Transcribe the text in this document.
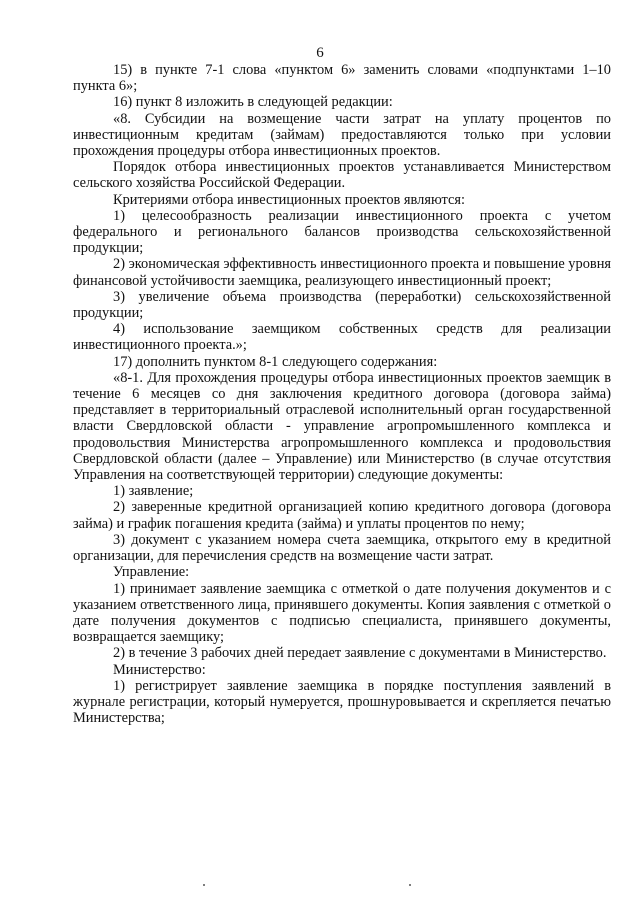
6

15) в пункте 7-1 слова «пунктом 6» заменить словами «подпунктами 1–10 пункта 6»;

16) пункт 8 изложить в следующей редакции:

«8. Субсидии на возмещение части затрат на уплату процентов по инвестиционным кредитам (займам) предоставляются только при условии прохождения процедуры отбора инвестиционных проектов.

Порядок отбора инвестиционных проектов устанавливается Министерством сельского хозяйства Российской Федерации.

Критериями отбора инвестиционных проектов являются:

1) целесообразность реализации инвестиционного проекта с учетом федерального и регионального балансов производства сельскохозяйственной продукции;

2) экономическая эффективность инвестиционного проекта и повышение уровня финансовой устойчивости заемщика, реализующего инвестиционный проект;

3) увеличение объема производства (переработки) сельскохозяйственной продукции;

4) использование заемщиком собственных средств для реализации инвестиционного проекта.»;

17) дополнить пунктом 8-1 следующего содержания:

«8-1. Для прохождения процедуры отбора инвестиционных проектов заемщик в течение 6 месяцев со дня заключения кредитного договора (договора займа) представляет в территориальный отраслевой исполнительный орган государственной власти Свердловской области - управление агропромышленного комплекса и продовольствия Министерства агропромышленного комплекса и продовольствия Свердловской области (далее – Управление) или Министерство (в случае отсутствия Управления на соответствующей территории) следующие документы:

1) заявление;

2) заверенные кредитной организацией копию кредитного договора (договора займа) и график погашения кредита (займа) и уплаты процентов по нему;

3) документ с указанием номера счета заемщика, открытого ему в кредитной организации, для перечисления средств на возмещение части затрат.

Управление:

1) принимает заявление заемщика с отметкой о дате получения документов и с указанием ответственного лица, принявшего документы. Копия заявления с отметкой о дате получения документов с подписью специалиста, принявшего документы, возвращается заемщику;

2) в течение 3 рабочих дней передает заявление с документами в Министерство.

Министерство:

1) регистрирует заявление заемщика в порядке поступления заявлений в журнале регистрации, который нумеруется, прошнуровывается и скрепляется печатью Министерства;
